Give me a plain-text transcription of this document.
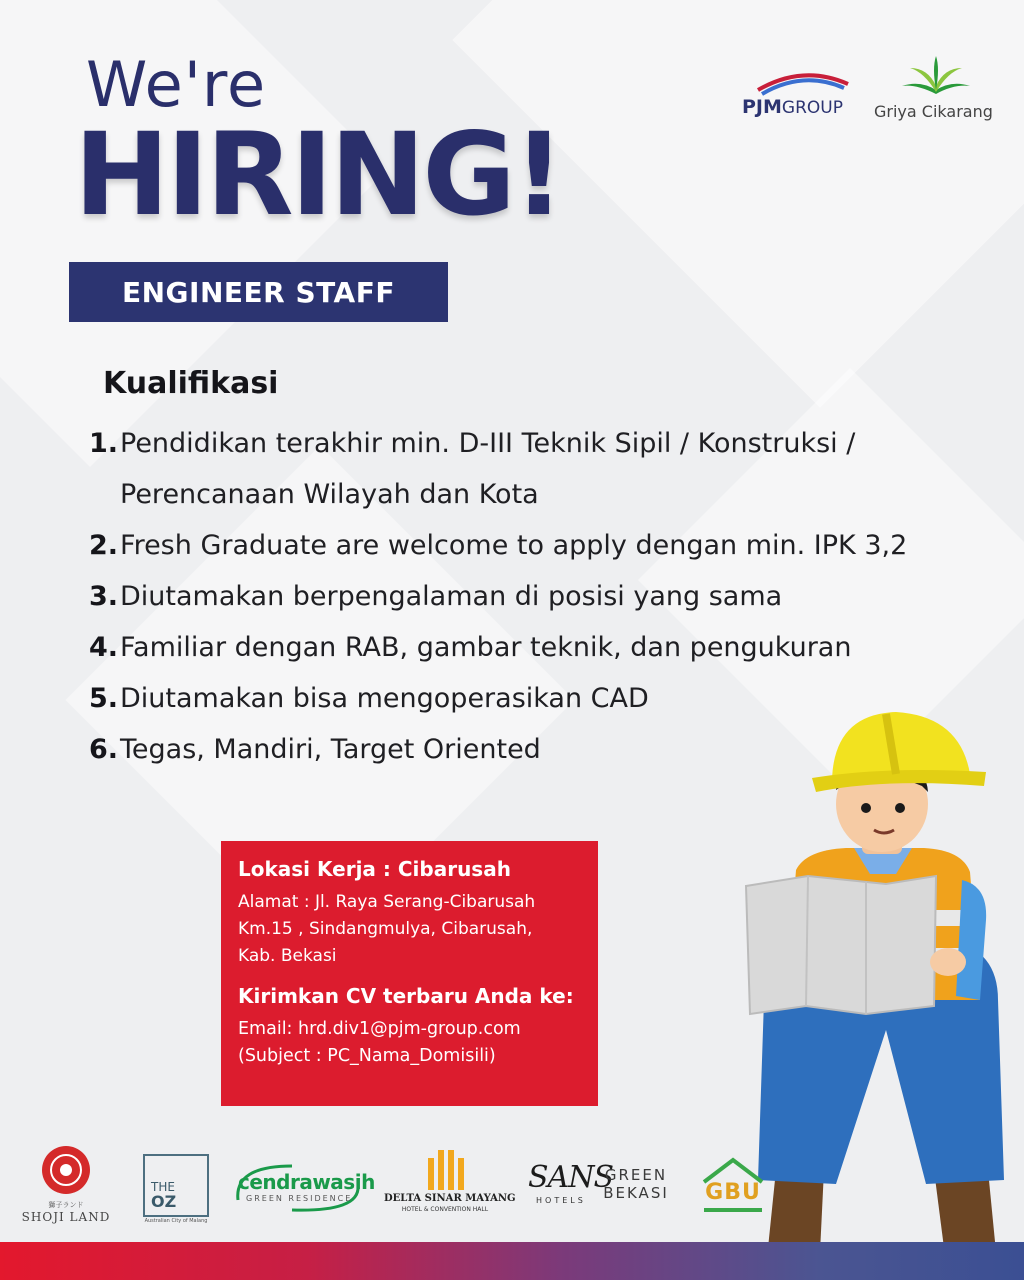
We're
HIRING!
ENGINEER STAFF
PJMGROUP Griya Cikarang
Kualifikasi
1. Pendidikan terakhir min. D-III Teknik Sipil / Konstruksi /
Perencanaan Wilayah dan Kota
2. Fresh Graduate are welcome to apply dengan min. IPK 3,2
3. Diutamakan berpengalaman di posisi yang sama
4. Familiar dengan RAB, gambar teknik, dan pengukuran
5. Diutamakan bisa mengoperasikan CAD
6. Tegas, Mandiri, Target Oriented
Lokasi Kerja : Cibarusah
Alamat : Jl. Raya Serang-Cibarusah
Km.15 , Sindangmulya, Cibarusah,
Kab. Bekasi
Kirimkan CV terbaru Anda ke:
Email: hrd.div1@pjm-group.com
(Subject : PC_Nama_Domisili)
獅子ランド
SHOJI LAND
THE
OZ
Australian City of Malang
cendrawasih
GREEN RESIDENCE	DELTA SINAR MAYANG
HOTEL & CONVENTION HALL
SANS
HOTELS
GREEN
BEKASI GBU
